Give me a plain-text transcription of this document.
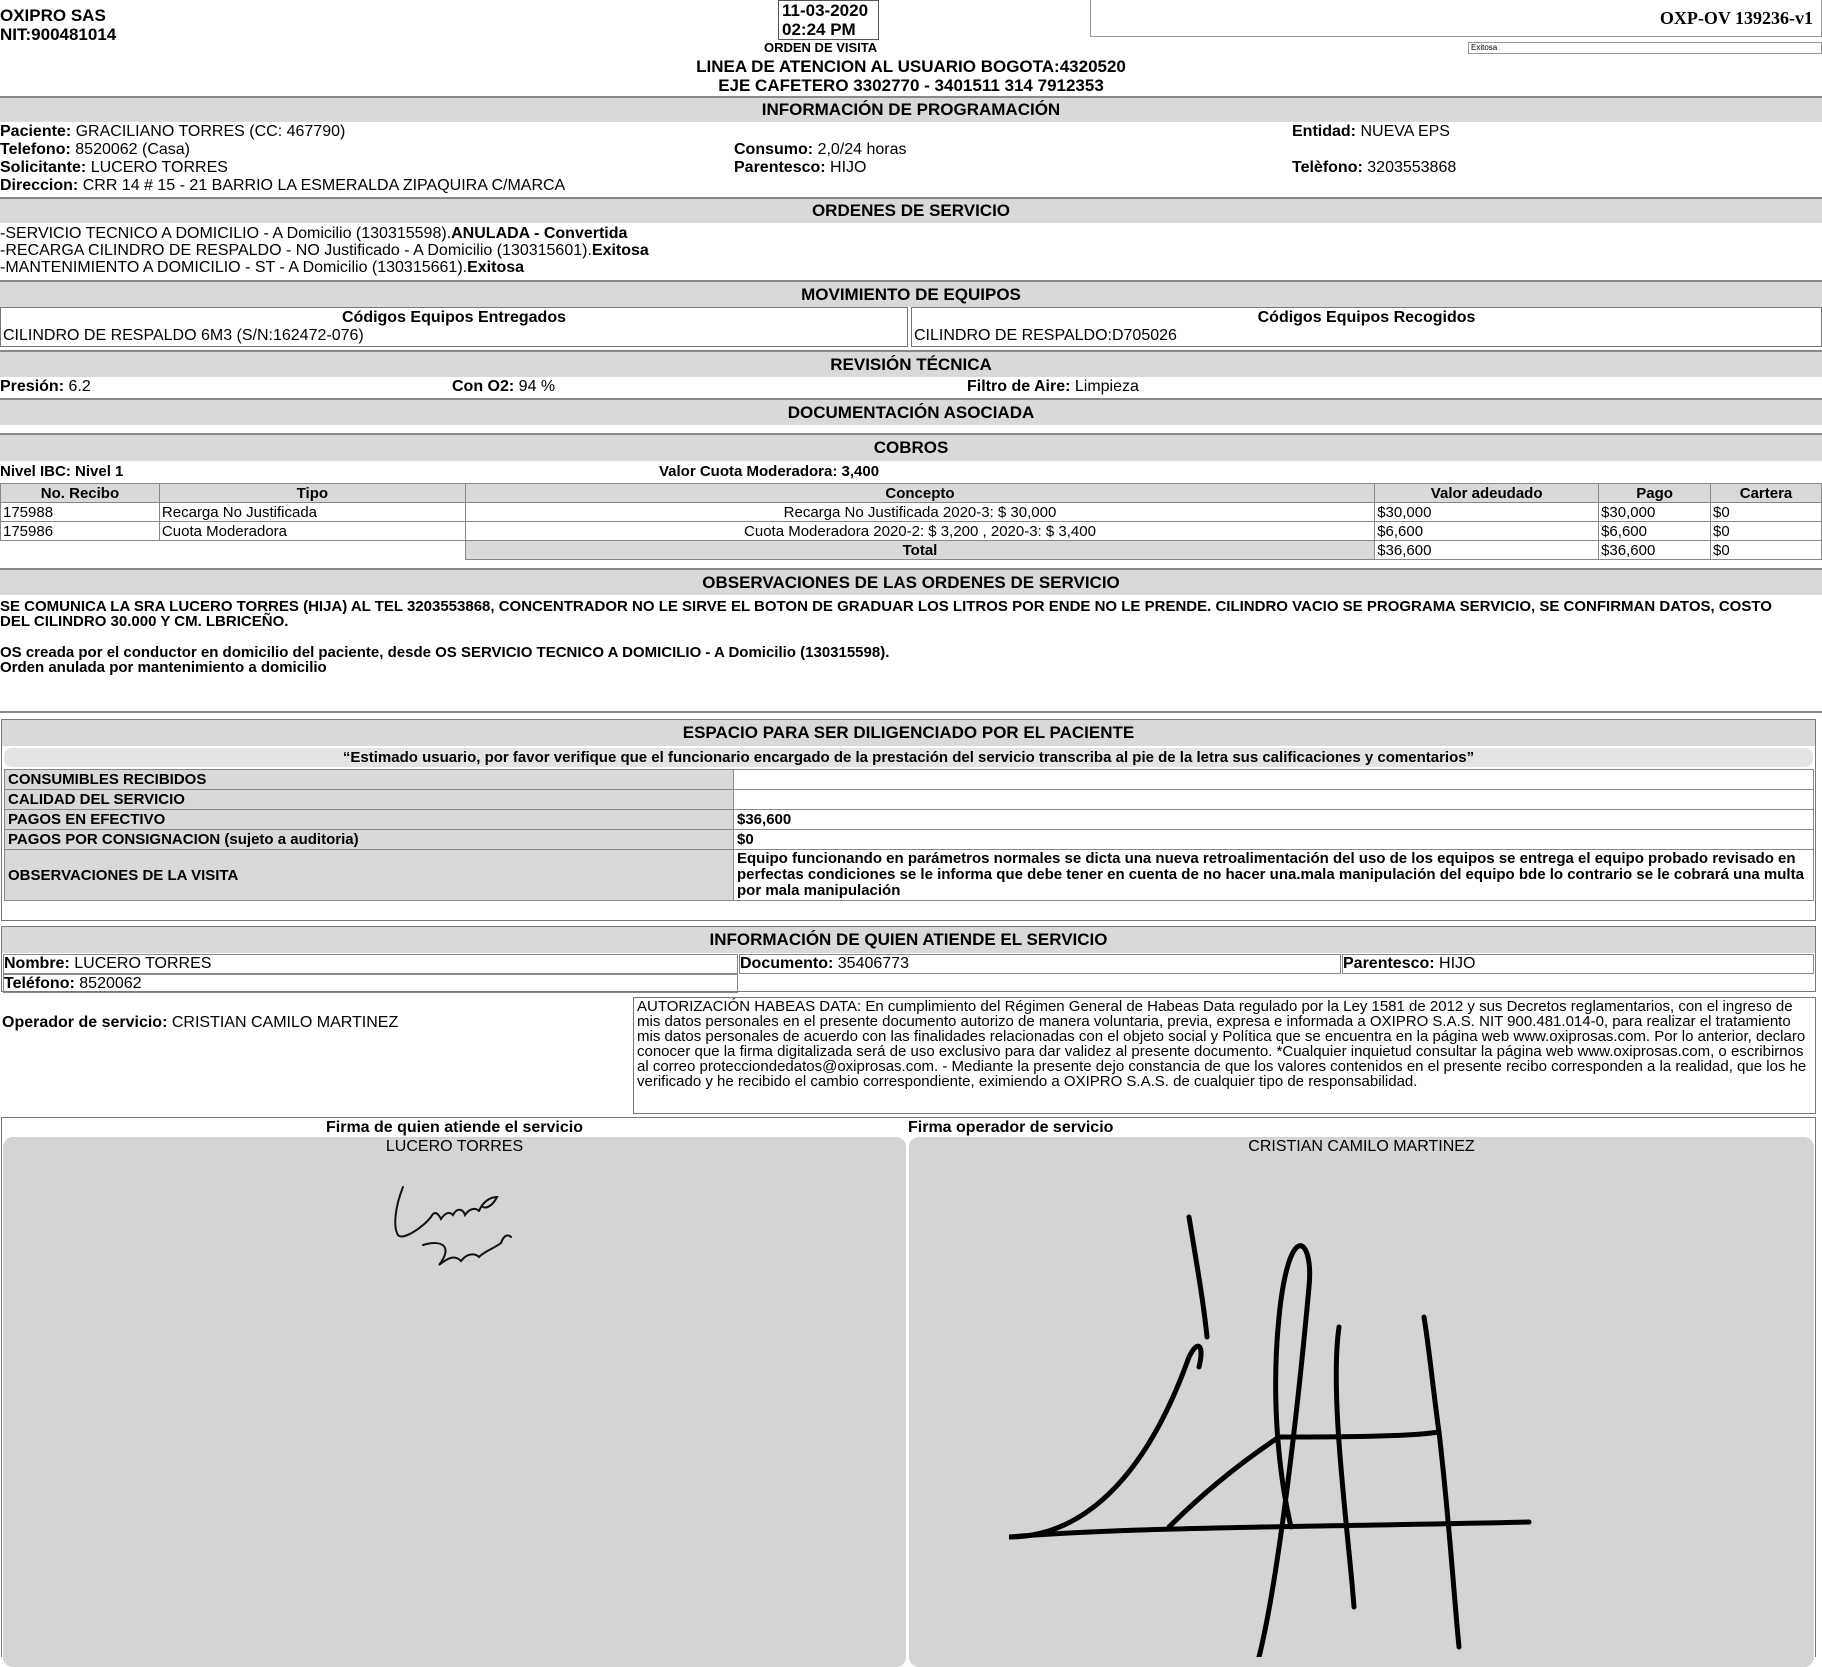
OXIPRO SAS
NIT:900481014
11-03-2020
02:24 PM
ORDEN DE VISITA
LINEA DE ATENCION AL USUARIO BOGOTA:4320520
EJE CAFETERO 3302770 - 3401511 314 7912353
OXP-OV 139236-v1
Exitosa
INFORMACIÓN DE PROGRAMACIÓN
Paciente: GRACILIANO TORRES (CC: 467790)
Telefono: 8520062 (Casa)
Solicitante: LUCERO TORRES
Direccion: CRR 14 # 15 - 21 BARRIO LA ESMERALDA ZIPAQUIRA C/MARCA
Consumo: 2,0/24 horas
Parentesco: HIJO
Entidad: NUEVA EPS
Telèfono: 3203553868
ORDENES DE SERVICIO
-SERVICIO TECNICO A DOMICILIO - A Domicilio (130315598).ANULADA - Convertida
-RECARGA CILINDRO DE RESPALDO - NO Justificado - A Domicilio (130315601).Exitosa
-MANTENIMIENTO A DOMICILIO - ST - A Domicilio (130315661).Exitosa
MOVIMIENTO DE EQUIPOS
Códigos Equipos Entregados
CILINDRO DE RESPALDO 6M3 (S/N:162472-076)
Códigos Equipos Recogidos
CILINDRO DE RESPALDO:D705026
REVISIÓN TÉCNICA
Presión: 6.2	Con O2: 94 %	Filtro de Aire: Limpieza
DOCUMENTACIÓN ASOCIADA
COBROS
Nivel IBC: Nivel 1	Valor Cuota Moderadora: 3,400
No. Recibo	Tipo	Concepto	Valor adeudado	Pago	Cartera
175988	Recarga No Justificada	Recarga No Justificada 2020-3: $ 30,000	$30,000	$30,000	$0
175986	Cuota Moderadora	Cuota Moderadora 2020-2: $ 3,200 , 2020-3: $ 3,400	$6,600	$6,600	$0
		Total	$36,600	$36,600	$0
OBSERVACIONES DE LAS ORDENES DE SERVICIO
SE COMUNICA LA SRA LUCERO TORRES (HIJA) AL TEL 3203553868, CONCENTRADOR NO LE SIRVE EL BOTON DE GRADUAR LOS LITROS POR ENDE NO LE PRENDE. CILINDRO VACIO SE PROGRAMA SERVICIO, SE CONFIRMAN DATOS, COSTO DEL CILINDRO 30.000 Y CM. LBRICEÑO.
OS creada por el conductor en domicilio del paciente, desde OS SERVICIO TECNICO A DOMICILIO - A Domicilio (130315598).
Orden anulada por mantenimiento a domicilio
ESPACIO PARA SER DILIGENCIADO POR EL PACIENTE
“Estimado usuario, por favor verifique que el funcionario encargado de la prestación del servicio transcriba al pie de la letra sus calificaciones y comentarios”
CONSUMIBLES RECIBIDOS	
CALIDAD DEL SERVICIO	
PAGOS EN EFECTIVO	$36,600
PAGOS POR CONSIGNACION (sujeto a auditoria)	$0
OBSERVACIONES DE LA VISITA	Equipo funcionando en parámetros normales se dicta una nueva retroalimentación del uso de los equipos se entrega el equipo probado revisado en perfectas condiciones se le informa que debe tener en cuenta de no hacer una.mala manipulación del equipo bde lo contrario se le cobrará una multa por mala manipulación
INFORMACIÓN DE QUIEN ATIENDE EL SERVICIO
Nombre: LUCERO TORRES	Documento: 35406773	Parentesco: HIJO
Teléfono: 8520062
Operador de servicio: CRISTIAN CAMILO MARTINEZ
AUTORIZACIÓN HABEAS DATA: En cumplimiento del Régimen General de Habeas Data regulado por la Ley 1581 de 2012 y sus Decretos reglamentarios, con el ingreso de mis datos personales en el presente documento autorizo de manera voluntaria, previa, expresa e informada a OXIPRO S.A.S. NIT 900.481.014-0, para realizar el tratamiento mis datos personales de acuerdo con las finalidades relacionadas con el objeto social y Política que se encuentra en la página web www.oxiprosas.com. Por lo anterior, declaro conocer que la firma digitalizada será de uso exclusivo para dar validez al presente documento. *Cualquier inquietud consultar la página web www.oxiprosas.com, o escribirnos al correo protecciondedatos@oxiprosas.com. - Mediante la presente dejo constancia de que los valores contenidos en el presente recibo corresponden a la realidad, que los he verificado y he recibido el cambio correspondiente, eximiendo a OXIPRO S.A.S. de cualquier tipo de responsabilidad.
Firma de quien atiende el servicio	Firma operador de servicio
LUCERO TORRES	CRISTIAN CAMILO MARTINEZ
